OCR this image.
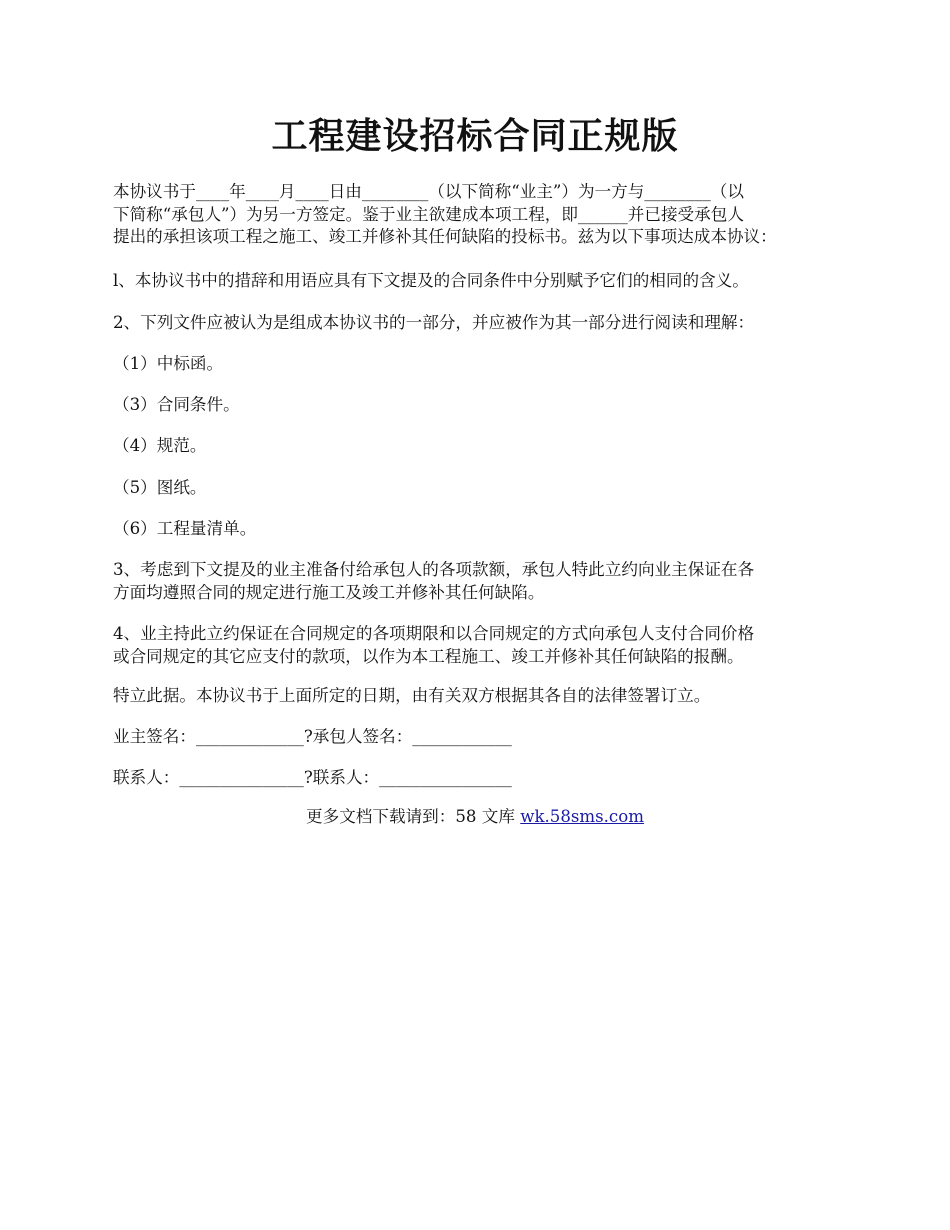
工程建设招标合同正规版
本协议书于____年____月____日由________（以下简称“业主”）为一方与________（以
下简称“承包人”）为另一方签定。鉴于业主欲建成本项工程，即______并已接受承包人
提出的承担该项工程之施工、竣工并修补其任何缺陷的投标书。兹为以下事项达成本协议：
l、本协议书中的措辞和用语应具有下文提及的合同条件中分别赋予它们的相同的含义。
2、下列文件应被认为是组成本协议书的一部分，并应被作为其一部分进行阅读和理解：
（1）中标函。
（3）合同条件。
（4）规范。
（5）图纸。
（6）工程量清单。
3、考虑到下文提及的业主准备付给承包人的各项款额，承包人特此立约向业主保证在各
方面均遵照合同的规定进行施工及竣工并修补其任何缺陷。
4、业主持此立约保证在合同规定的各项期限和以合同规定的方式向承包人支付合同价格
或合同规定的其它应支付的款项，以作为本工程施工、竣工并修补其任何缺陷的报酬。
特立此据。本协议书于上面所定的日期，由有关双方根据其各自的法律签署订立。
业主签名：_____________?承包人签名：____________
联系人：_______________?联系人：________________
更多文档下载请到：58 文库 wk.58sms.com
